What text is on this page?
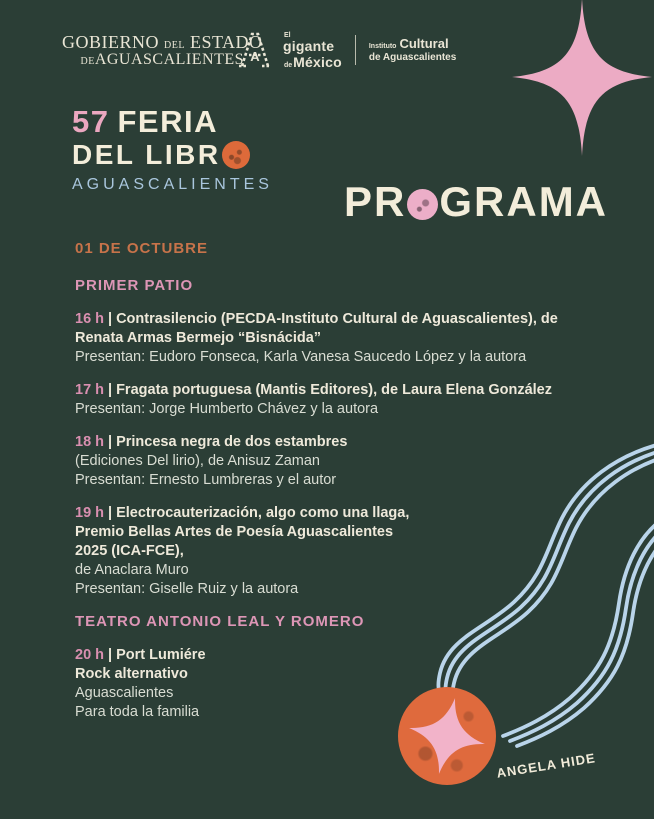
GOBIERNO DEL ESTADO
DEAGUASCALIENTES A
El
gigante
de México
Instituto Cultural
de Aguascalientes
57 FERIA
DEL LIBR
AGUASCALIENTES PR GRAMA
ANGELA HIDE
01 DE OCTUBRE
PRIMER PATIO
16 h | Contrasilencio (PECDA-Instituto Cultural de Aguascalientes), de
Renata Armas Bermejo “Bisnácida”
Presentan: Eudoro Fonseca, Karla Vanesa Saucedo López y la autora
17 h | Fragata portuguesa (Mantis Editores), de Laura Elena González
Presentan: Jorge Humberto Chávez y la autora
18 h | Princesa negra de dos estambres
(Ediciones Del lirio), de Anisuz Zaman
Presentan: Ernesto Lumbreras y el autor
19 h | Electrocauterización, algo como una llaga,
Premio Bellas Artes de Poesía Aguascalientes
2025 (ICA-FCE),
de Anaclara Muro
Presentan: Giselle Ruiz y la autora
TEATRO ANTONIO LEAL Y ROMERO
20 h | Port Lumiére
Rock alternativo
Aguascalientes
Para toda la familia
